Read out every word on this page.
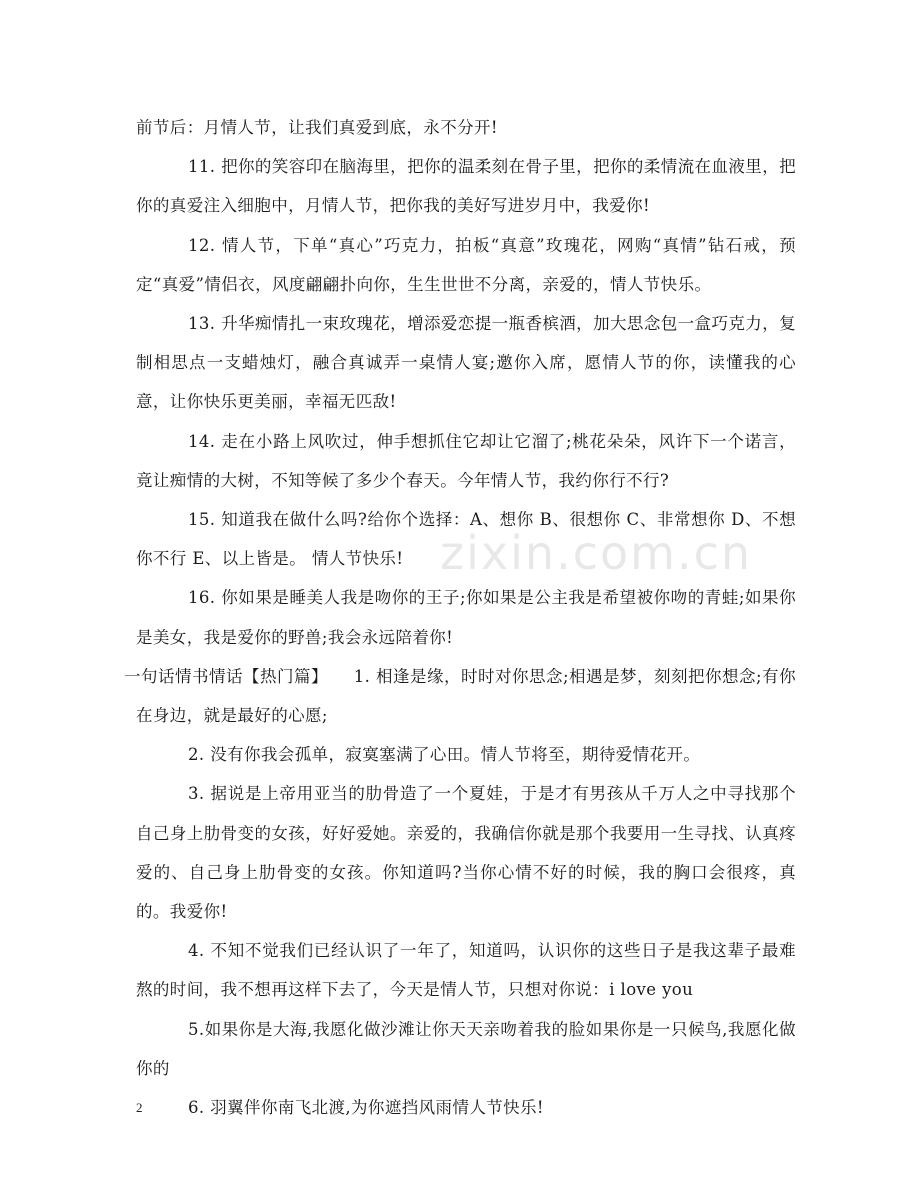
zixin.com.cn

前节后：月情人节，让我们真爱到底，永不分开!

11. 把你的笑容印在脑海里，把你的温柔刻在骨子里，把你的柔情流在血液里，把你的真爱注入细胞中，月情人节，把你我的美好写进岁月中，我爱你!

12. 情人节，下单“真心”巧克力，拍板“真意”玫瑰花，网购“真情”钻石戒，预定“真爱”情侣衣，风度翩翩扑向你，生生世世不分离，亲爱的，情人节快乐。

13. 升华痴情扎一束玫瑰花，增添爱恋提一瓶香槟酒，加大思念包一盒巧克力，复制相思点一支蜡烛灯，融合真诚弄一桌情人宴;邀你入席，愿情人节的你，读懂我的心意，让你快乐更美丽，幸福无匹敌!

14. 走在小路上风吹过，伸手想抓住它却让它溜了;桃花朵朵，风许下一个诺言，竟让痴情的大树，不知等候了多少个春天。今年情人节，我约你行不行?

15. 知道我在做什么吗?给你个选择：A、想你 B、很想你 C、非常想你 D、不想你不行 E、以上皆是。 情人节快乐!

16. 你如果是睡美人我是吻你的王子;你如果是公主我是希望被你吻的青蛙;如果你是美女，我是爱你的野兽;我会永远陪着你!

一句话情书情话【热门篇】　　1. 相逢是缘，时时对你思念;相遇是梦，刻刻把你想念;有你在身边，就是最好的心愿;

2. 没有你我会孤单，寂寞塞满了心田。情人节将至，期待爱情花开。

3. 据说是上帝用亚当的肋骨造了一个夏娃，于是才有男孩从千万人之中寻找那个自己身上肋骨变的女孩，好好爱她。亲爱的，我确信你就是那个我要用一生寻找、认真疼爱的、自己身上肋骨变的女孩。你知道吗?当你心情不好的时候，我的胸口会很疼，真的。我爱你!

4. 不知不觉我们已经认识了一年了，知道吗，认识你的这些日子是我这辈子最难熬的时间，我不想再这样下去了，今天是情人节，只想对你说：i love you

5.如果你是大海,我愿化做沙滩让你天天亲吻着我的脸如果你是一只候鸟,我愿化做你的

6. 羽翼伴你南飞北渡,为你遮挡风雨情人节快乐!

2
